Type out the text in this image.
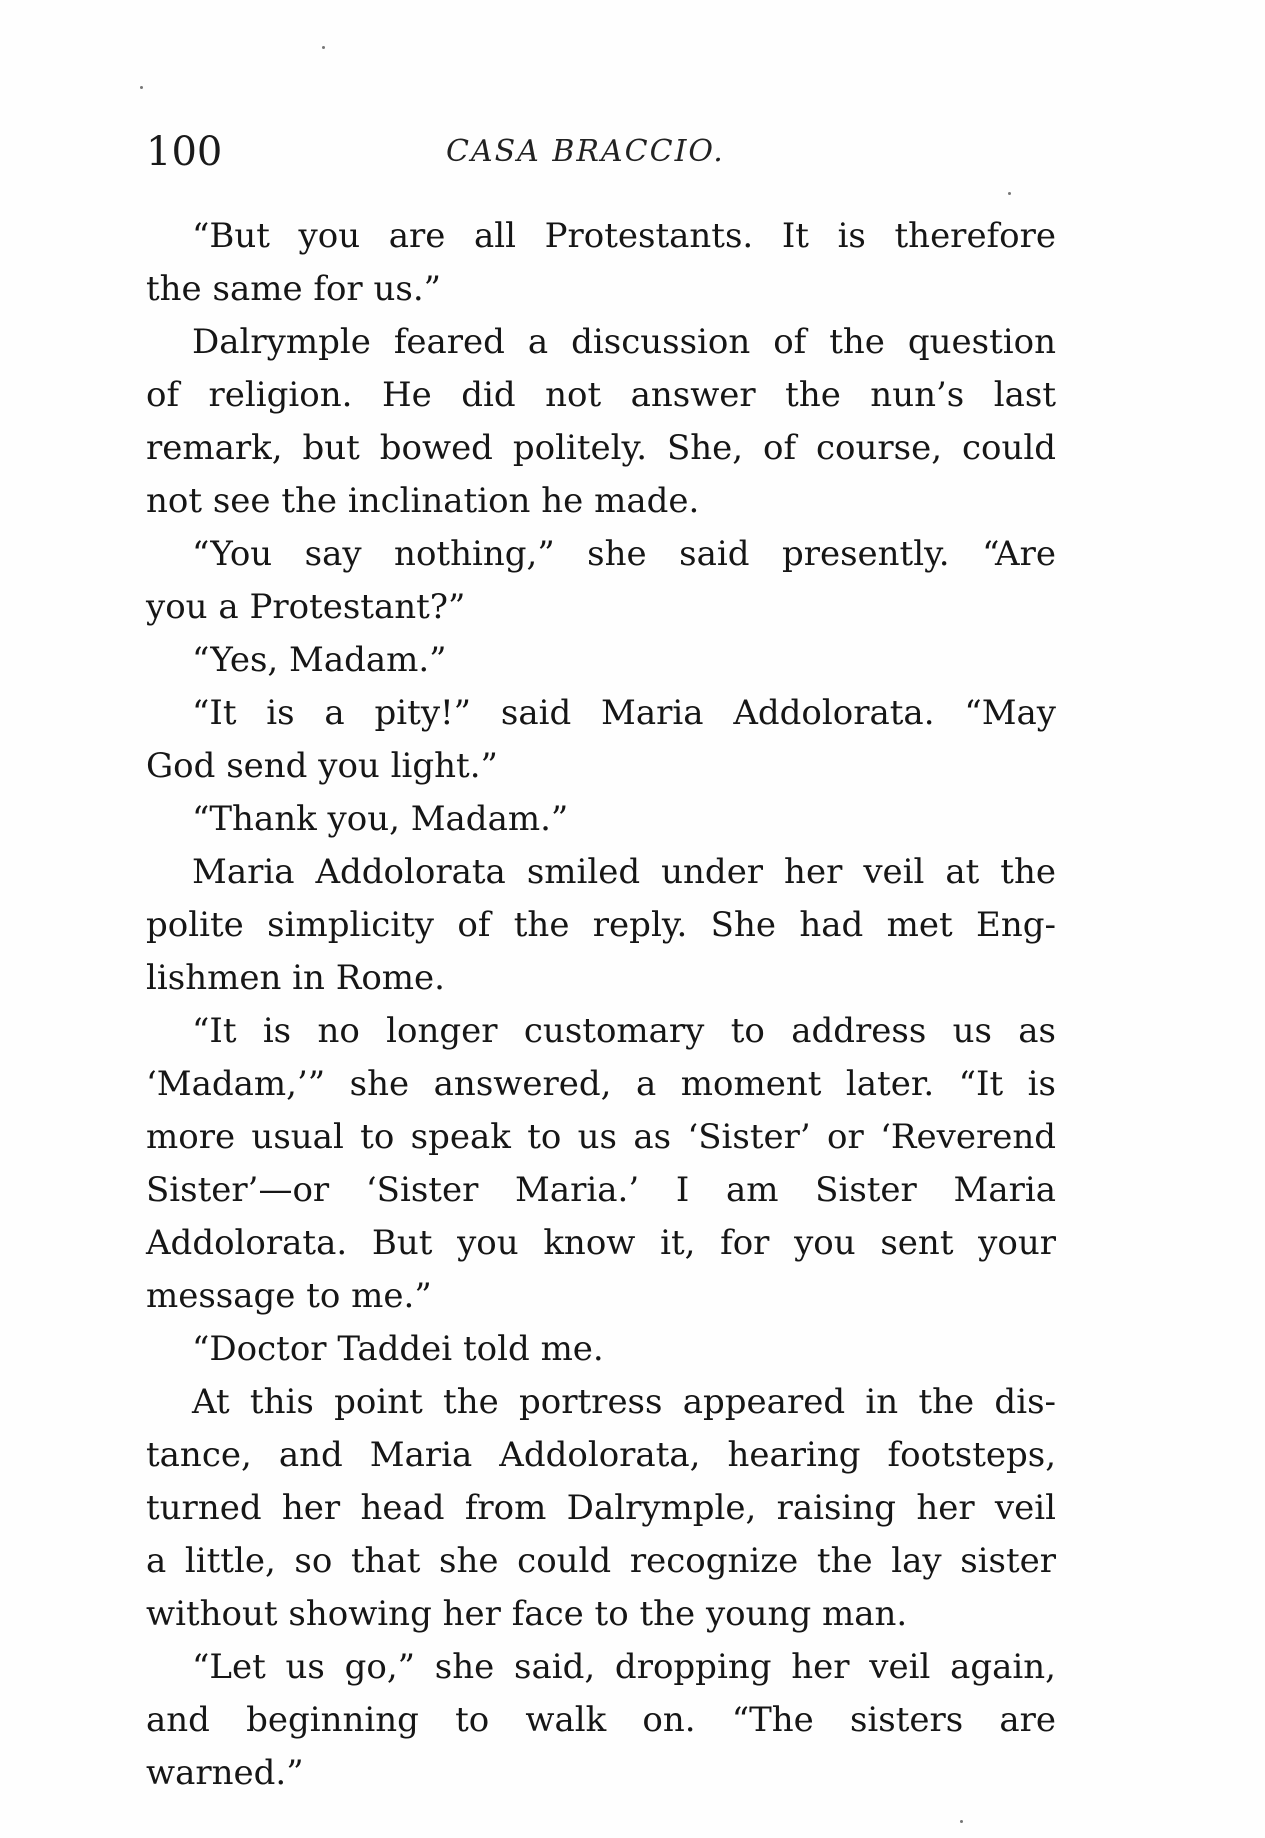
100	CASA BRACCIO.
“But you are all Protestants. It is therefore
the same for us.”
Dalrymple feared a discussion of the question
of religion. He did not answer the nun’s last
remark, but bowed politely. She, of course, could
not see the inclination he made.
“You say nothing,” she said presently. “Are
you a Protestant?”
“Yes, Madam.”
“It is a pity!” said Maria Addolorata. “May
God send you light.”
“Thank you, Madam.”
Maria Addolorata smiled under her veil at the
polite simplicity of the reply. She had met Eng-
lishmen in Rome.
“It is no longer customary to address us as
‘Madam,’” she answered, a moment later. “It is
more usual to speak to us as ‘Sister’ or ‘Reverend
Sister’—or ‘Sister Maria.’ I am Sister Maria
Addolorata. But you know it, for you sent your
message to me.”
“Doctor Taddei told me.
At this point the portress appeared in the dis-
tance, and Maria Addolorata, hearing footsteps,
turned her head from Dalrymple, raising her veil
a little, so that she could recognize the lay sister
without showing her face to the young man.
“Let us go,” she said, dropping her veil again,
and beginning to walk on. “The sisters are
warned.”
